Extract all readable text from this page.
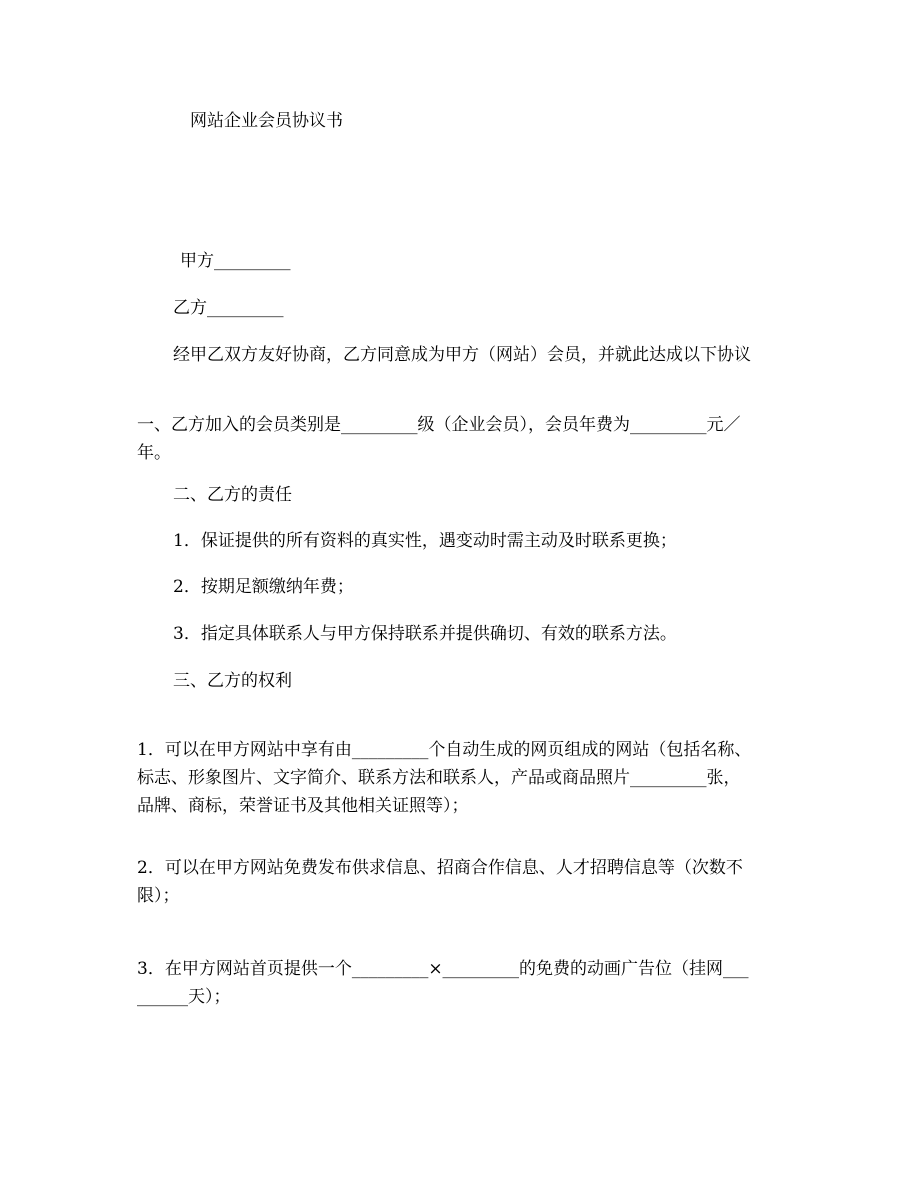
网站企业会员协议书

甲方_________

乙方_________

经甲乙双方友好协商，乙方同意成为甲方（网站）会员，并就此达成以下协议

一、乙方加入的会员类别是_________级（企业会员），会员年费为_________元／
年。

二、乙方的责任

1．保证提供的所有资料的真实性，遇变动时需主动及时联系更换；

2．按期足额缴纳年费；

3．指定具体联系人与甲方保持联系并提供确切、有效的联系方法。

三、乙方的权利

1．可以在甲方网站中享有由_________个自动生成的网页组成的网站（包括名称、
标志、形象图片、文字简介、联系方法和联系人，产品或商品照片_________张，
品牌、商标，荣誉证书及其他相关证照等）；
2．可以在甲方网站免费发布供求信息、招商合作信息、人才招聘信息等（次数不
限）；
3．在甲方网站首页提供一个_________×_________的免费的动画广告位（挂网___
______天）；
